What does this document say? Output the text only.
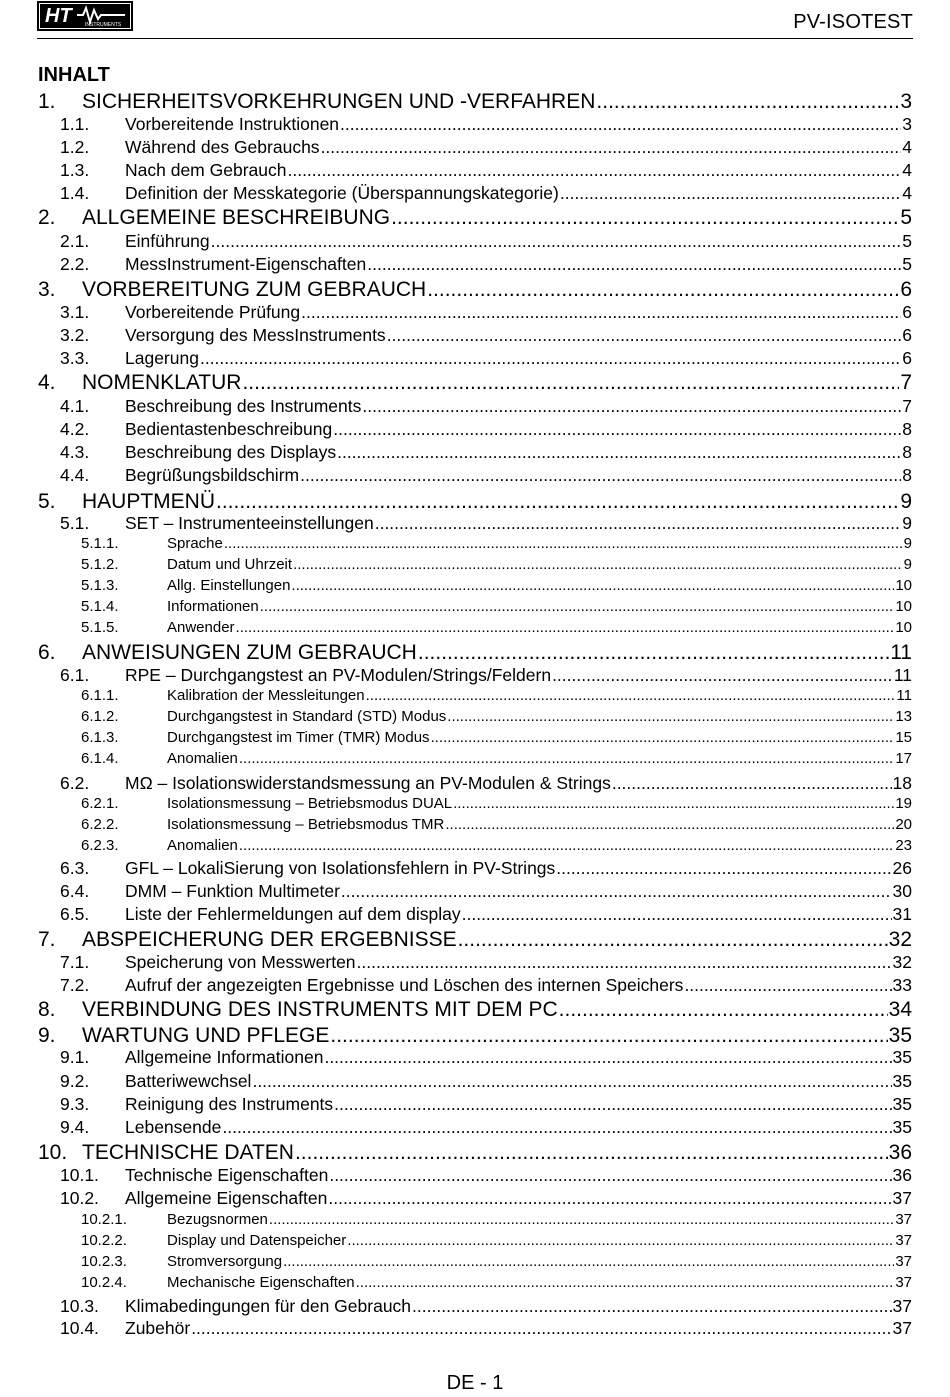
HT	INSTRUMENTS	PV-ISOTEST
INHALT
1.	SICHERHEITSVORKEHRUNGEN UND -VERFAHREN .....	3
1.1.	Vorbereitende Instruktionen .....	3
1.2.	Während des Gebrauchs .....	4
1.3.	Nach dem Gebrauch .....	4
1.4.	Definition der Messkategorie (Überspannungskategorie) .....	4
2.	ALLGEMEINE BESCHREIBUNG .....	5
2.1.	Einführung .....	5
2.2.	MessInstrument-Eigenschaften .....	5
3.	VORBEREITUNG ZUM GEBRAUCH .....	6
3.1.	Vorbereitende Prüfung .....	6
3.2.	Versorgung des MessInstruments .....	6
3.3.	Lagerung .....	6
4.	NOMENKLATUR .....	7
4.1.	Beschreibung des Instruments .....	7
4.2.	Bedientastenbeschreibung .....	8
4.3.	Beschreibung des Displays .....	8
4.4.	Begrüßungsbildschirm .....	8
5.	HAUPTMENÜ .....	9
5.1.	SET – Instrumenteeinstellungen .....	9
5.1.1.	Sprache .....	9
5.1.2.	Datum und Uhrzeit .....	9
5.1.3.	Allg. Einstellungen .....	10
5.1.4.	Informationen .....	10
5.1.5.	Anwender .....	10
6.	ANWEISUNGEN ZUM GEBRAUCH .....	11
6.1.	RPE – Durchgangstest an PV-Modulen/Strings/Feldern .....	11
6.1.1.	Kalibration der Messleitungen .....	11
6.1.2.	Durchgangstest in Standard (STD) Modus .....	13
6.1.3.	Durchgangstest im Timer (TMR) Modus .....	15
6.1.4.	Anomalien .....	17
6.2.	MΩ – Isolationswiderstandsmessung an PV-Modulen & Strings .....	18
6.2.1.	Isolationsmessung – Betriebsmodus DUAL .....	19
6.2.2.	Isolationsmessung – Betriebsmodus TMR .....	20
6.2.3.	Anomalien .....	23
6.3.	GFL – LokaliSierung von Isolationsfehlern in PV-Strings .....	26
6.4.	DMM – Funktion Multimeter .....	30
6.5.	Liste der Fehlermeldungen auf dem display .....	31
7.	ABSPEICHERUNG DER ERGEBNISSE .....	32
7.1.	Speicherung von Messwerten .....	32
7.2.	Aufruf der angezeigten Ergebnisse und Löschen des internen Speichers .....	33
8.	VERBINDUNG DES INSTRUMENTS MIT DEM PC .....	34
9.	WARTUNG UND PFLEGE .....	35
9.1.	Allgemeine Informationen .....	35
9.2.	Batteriwewchsel .....	35
9.3.	Reinigung des Instruments .....	35
9.4.	Lebensende .....	35
10. TECHNISCHE DATEN .....	36
10.1.	Technische Eigenschaften .....	36
10.2.	Allgemeine Eigenschaften .....	37
10.2.1.	Bezugsnormen .....	37
10.2.2.	Display und Datenspeicher .....	37
10.2.3.	Stromversorgung .....	37
10.2.4.	Mechanische Eigenschaften .....	37
10.3.	Klimabedingungen für den Gebrauch .....	37
10.4.	Zubehör .....	37
DE - 1
